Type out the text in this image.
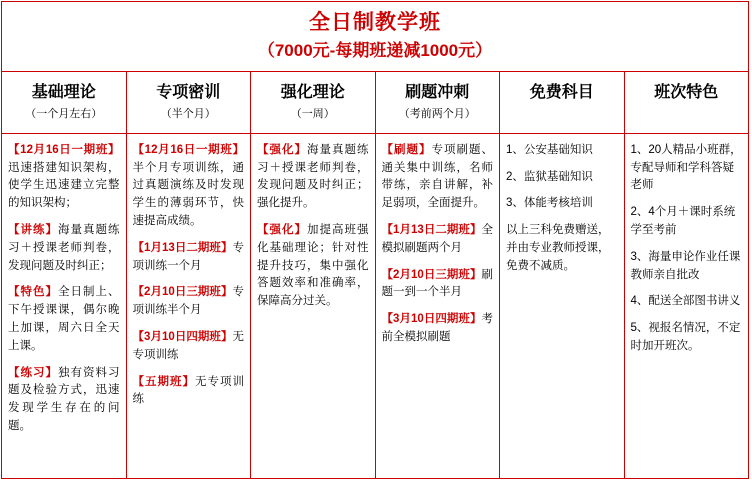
全日制教学班
（7000元-每期班递减1000元）
基础理论
（一个月左右）
专项密训
（半个月）
强化理论
（一周）
刷题冲刺
（考前两个月）
免费科目	班次特色
【12月16日一期班】迅速搭建知识架构，使学生迅速建立完整的知识架构；
【讲练】海量真题练习＋授课老师判卷，发现问题及时纠正；
【特色】全日制上、下午授课课，偶尔晚上加课，周六日全天上课。
【练习】独有资料习题及检验方式，迅速发现学生存在的问题。
【12月16日一期班】半个月专项训练，通过真题演练及时发现学生的薄弱环节，快速提高成绩。
【1月13日二期班】专项训练一个月
【2月10日三期班】专项训练半个月
【3月10日四期班】无专项训练
【五期班】无专项训练
【强化】海量真题练习＋授课老师判卷，发现问题及时纠正；强化提升。
【强化】加提高班强化基础理论；针对性提升技巧，集中强化答题效率和准确率，保障高分过关。
【刷题】专项刷题、通关集中训练，名师带练，亲自讲解，补足弱项，全面提升。
【1月13日二期班】全模拟刷题两个月
【2月10日三期班】刷题一到一个半月
【3月10日四期班】考前全模拟刷题
1、公安基础知识
2、监狱基础知识
3、体能考核培训
以上三科免费赠送，并由专业教师授课，免费不减质。
1、20人精品小班群，专配导师和学科答疑老师
2、4个月＋课时系统学至考前
3、海量申论作业任课教师亲自批改
4、配送全部图书讲义
5、视报名情况，不定时加开班次。
